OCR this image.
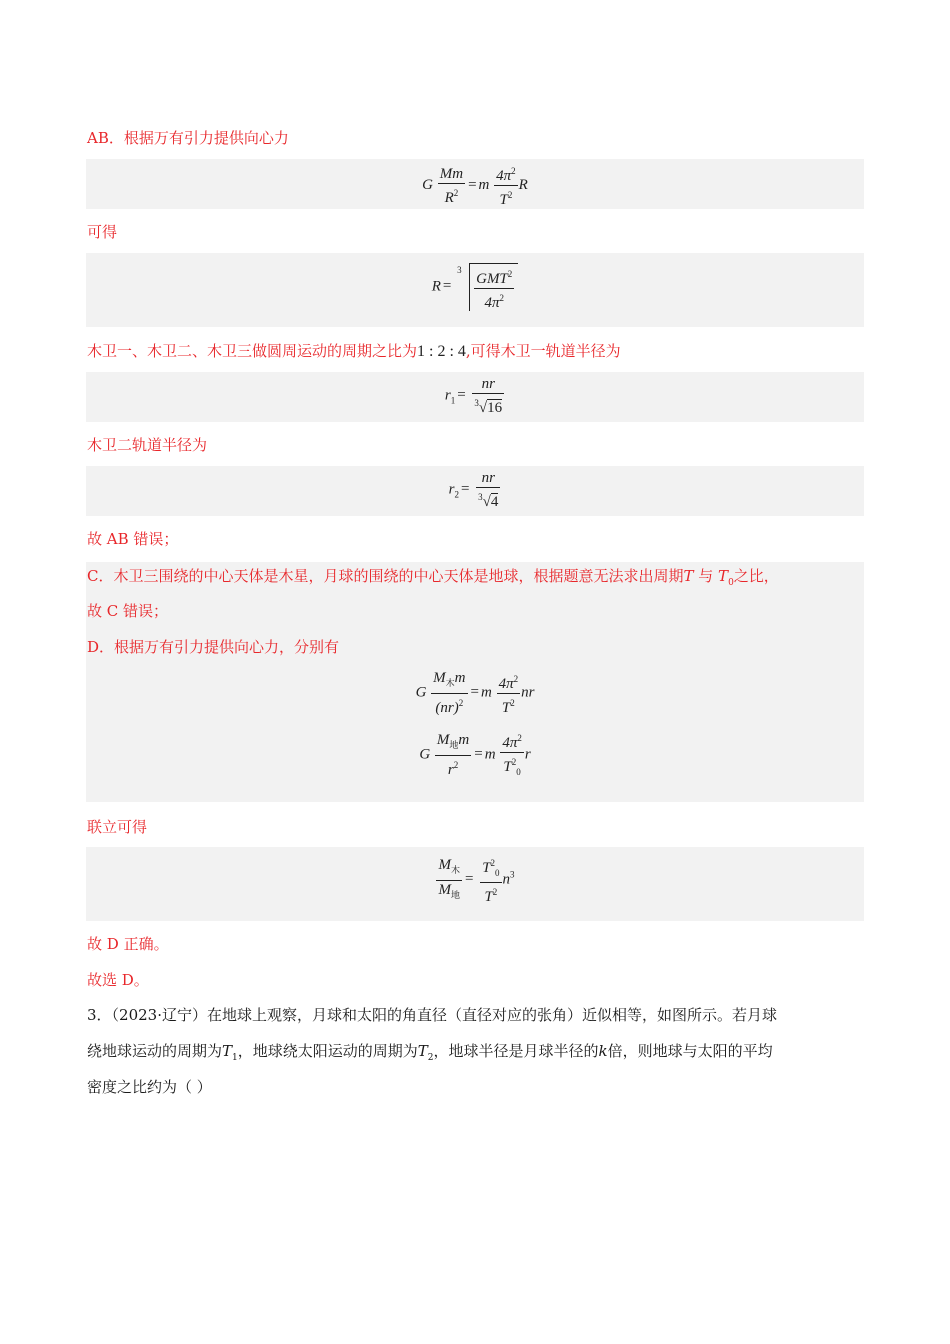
AB．根据万有引力提供向心力
G $\frac{Mm}{R^2} = m \frac{4\pi^2}{T^2}$ R
可得
R =
$3 \frac{GMT^2}{4\pi^2}$
木卫一、木卫二、木卫三做圆周运动的周期之比为1 : 2 : 4,可得木卫一轨道半径为
$r_1 = \frac{nr}{^3√16}$
木卫二轨道半径为
$r_2 = \frac{nr}{^3√4}$
故 AB 错误；
C．木卫三围绕的中心天体是木星，月球的围绕的中心天体是地球，根据题意无法求出周期T 与 $T_0$之比，
故 C 错误；
D．根据万有引力提供向心力，分别有
G $\frac{M_木m}{(nr)^2} = m \frac{4\pi^2}{T^2}$ nr
G $\frac{M_地m}{r^2} = m \frac{4\pi^2}{T^2_0}$ r
联立可得
$\frac{M_木}{M_地} = \frac{T^2_0}{T^2} n^3$
故 D 正确。
故选 D。
3．（2023·辽宁）在地球上观察，月球和太阳的角直径（直径对应的张角）近似相等，如图所示。若月球
绕地球运动的周期为$T_1$，地球绕太阳运动的周期为$T_2$，地球半径是月球半径的k倍，则地球与太阳的平均
密度之比约为（ ）
